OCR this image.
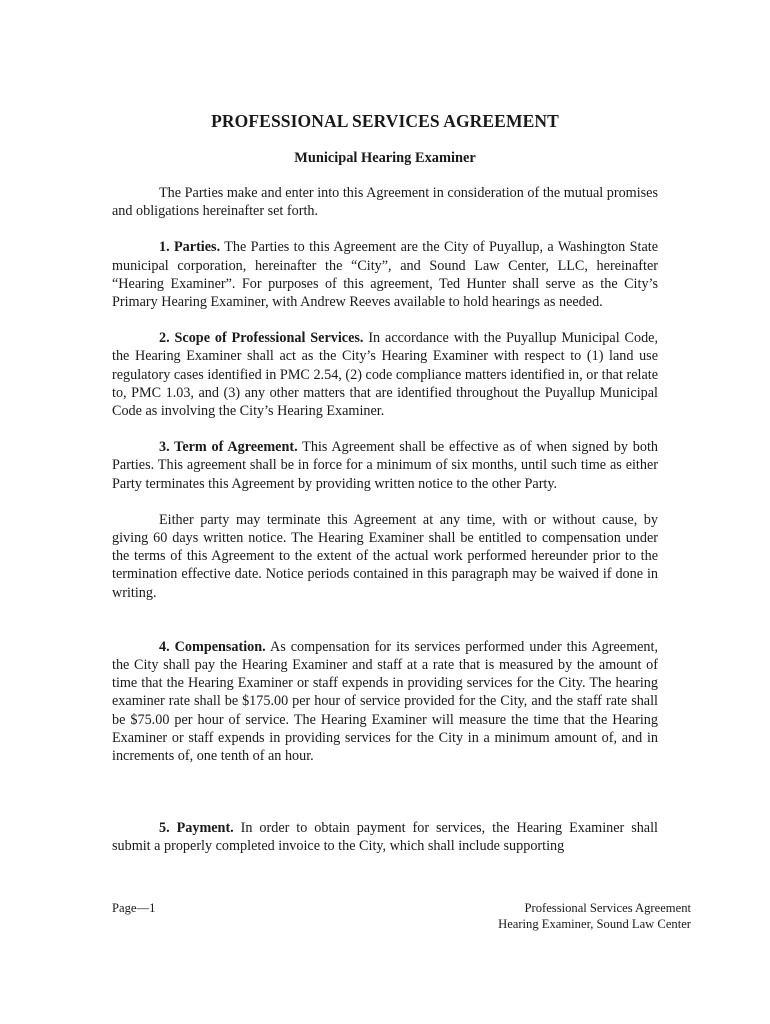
PROFESSIONAL SERVICES AGREEMENT
Municipal Hearing Examiner

The Parties make and enter into this Agreement in consideration of the mutual promises and obligations hereinafter set forth.

1. Parties. The Parties to this Agreement are the City of Puyallup, a Washington State municipal corporation, hereinafter the “City”, and Sound Law Center, LLC, hereinafter “Hearing Examiner”. For purposes of this agreement, Ted Hunter shall serve as the City’s Primary Hearing Examiner, with Andrew Reeves available to hold hearings as needed.

2. Scope of Professional Services. In accordance with the Puyallup Municipal Code, the Hearing Examiner shall act as the City’s Hearing Examiner with respect to (1) land use regulatory cases identified in PMC 2.54, (2) code compliance matters identified in, or that relate to, PMC 1.03, and (3) any other matters that are identified throughout the Puyallup Municipal Code as involving the City’s Hearing Examiner.

3. Term of Agreement. This Agreement shall be effective as of when signed by both Parties. This agreement shall be in force for a minimum of six months, until such time as either Party terminates this Agreement by providing written notice to the other Party.

Either party may terminate this Agreement at any time, with or without cause, by giving 60 days written notice. The Hearing Examiner shall be entitled to compensation under the terms of this Agreement to the extent of the actual work performed hereunder prior to the termination effective date. Notice periods contained in this paragraph may be waived if done in writing.

4. Compensation. As compensation for its services performed under this Agreement, the City shall pay the Hearing Examiner and staff at a rate that is measured by the amount of time that the Hearing Examiner or staff expends in providing services for the City. The hearing examiner rate shall be $175.00 per hour of service provided for the City, and the staff rate shall be $75.00 per hour of service. The Hearing Examiner will measure the time that the Hearing Examiner or staff expends in providing services for the City in a minimum amount of, and in increments of, one tenth of an hour.

5. Payment. In order to obtain payment for services, the Hearing Examiner shall submit a properly completed invoice to the City, which shall include supporting

Page—1	Professional Services Agreement
Hearing Examiner, Sound Law Center
